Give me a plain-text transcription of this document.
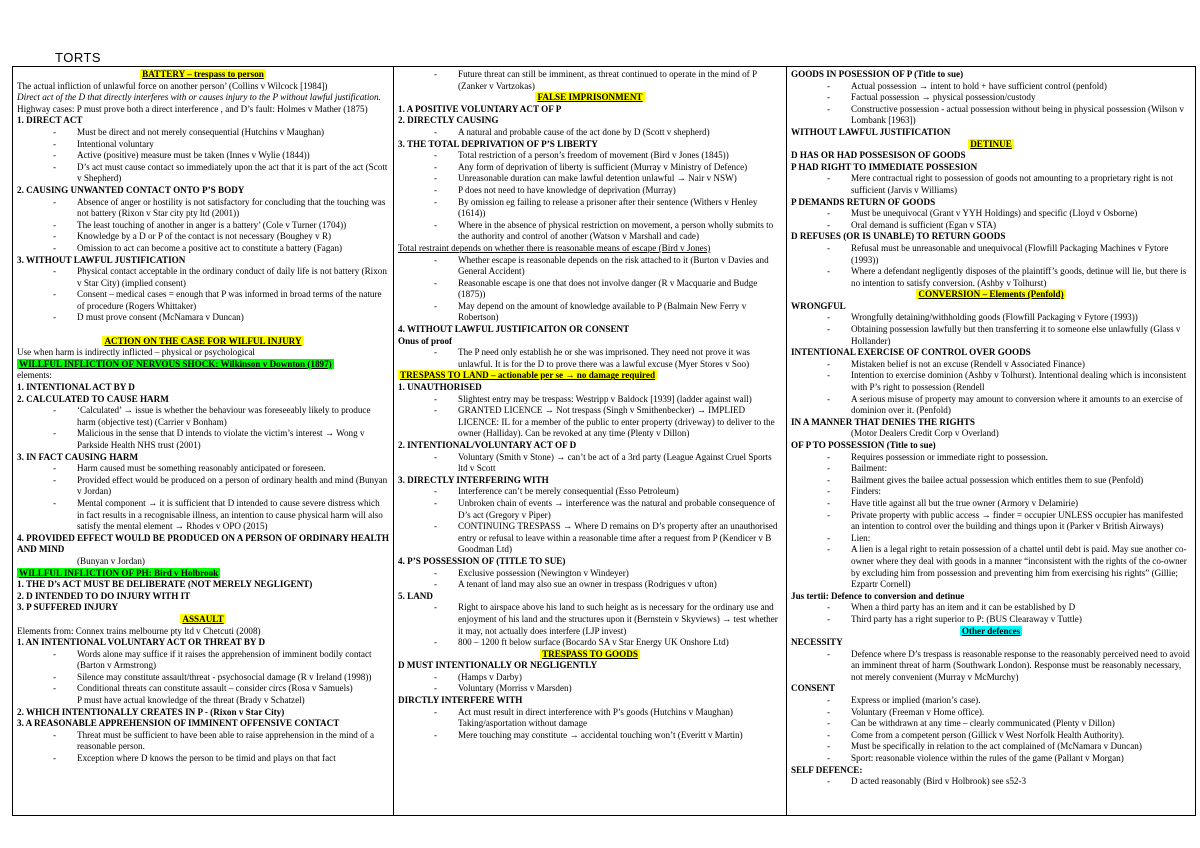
TORTS
BATTERY – trespass to person
The actual infliction of unlawful force on another person’ (Collins v Wilcock [1984])
Direct act of the D that directly interferes with or causes injury to the P without lawful justification.
Highway cases: P must prove both a direct interference , and D’s fault: Holmes v Mather (1875)
1. DIRECT ACT
- Must be direct and not merely consequential (Hutchins v Maughan)
- Intentional voluntary
- Active (positive) measure must be taken (Innes v Wylie (1844))
- D’s act must cause contact so immediately upon the act that it is part of the act (Scott v Shepherd)
2. CAUSING UNWANTED CONTACT ONTO P’S BODY
- Absence of anger or hostility is not satisfactory for concluding that the touching was not battery (Rixon v Star city pty ltd (2001))
- The least touching of another in anger is a battery’ (Cole v Turner (1704))
- Knowledge by a D or P of the contact is not necessary (Boughey v R)
- Omission to act can become a positive act to constitute a battery (Fagan)
3. WITHOUT LAWFUL JUSTIFICATION
- Physical contact acceptable in the ordinary conduct of daily life is not battery (Rixon v Star City) (implied consent)
- Consent – medical cases = enough that P was informed in broad terms of the nature of procedure (Rogers Whittaker)
- D must prove consent (McNamara v Duncan)
ACTION ON THE CASE FOR WILFUL INJURY
Use when harm is indirectly inflicted – physical or psychological
WILLFUL INFLICTION OF NERVOUS SHOCK: Wilkinson v Downton (1897)
elements:
1. INTENTIONAL ACT BY D
2. CALCULATED TO CAUSE HARM
- ‘Calculated’ → issue is whether the behaviour was foreseeably likely to produce harm (objective test) (Carrier v Bonham)
- Malicious in the sense that D intends to violate the victim’s interest → Wong v Parkside Health NHS trust (2001)
3. IN FACT CAUSING HARM
- Harm caused must be something reasonably anticipated or foreseen.
- Provided effect would be produced on a person of ordinary health and mind (Bunyan v Jordan)
- Mental component → it is sufficient that D intended to cause severe distress which in fact results in a recognisable illness, an intention to cause physical harm will also satisfy the mental element → Rhodes v OPO (2015)
4. PROVIDED EFFECT WOULD BE PRODUCED ON A PERSON OF ORDINARY HEALTH AND MIND
(Bunyan v Jordan)
WILLFUL INFLICTION OF PH: Bird v Holbrook
1. THE D’s ACT MUST BE DELIBERATE (NOT MERELY NEGLIGENT)
2. D INTENDED TO DO INJURY WITH IT
3. P SUFFERED INJURY
ASSAULT
Elements from: Connex trains melbourne pty ltd v Chetcuti (2008)
1. AN INTENTIONAL VOLUNTARY ACT OR THREAT BY D
- Words alone may suffice if it raises the apprehension of imminent bodily contact (Barton v Armstrong)
- Silence may constitute assault/threat - psychosocial damage (R v Ireland (1998))
- Conditional threats can constitute assault – consider circs (Rosa v Samuels)
P must have actual knowledge of the threat (Brady v Schatzel)
2. WHICH INTENTIONALLY CREATES IN P - (Rixon v Star City)
3. A REASONABLE APPREHENSION OF IMMINENT OFFENSIVE CONTACT
- Threat must be sufficient to have been able to raise apprehension in the mind of a reasonable person.
- Exception where D knows the person to be timid and plays on that fact
- Future threat can still be imminent, as threat continued to operate in the mind of P (Zanker v Vartzokas)
FALSE IMPRISONMENT
1. A POSITIVE VOLUNTARY ACT OF P
2. DIRECTLY CAUSING
- A natural and probable cause of the act done by D (Scott v shepherd)
3. THE TOTAL DEPRIVATION OF P’S LIBERTY
- Total restriction of a person’s freedom of movement (Bird v Jones (1845))
- Any form of deprivation of liberty is sufficient (Murray v Ministry of Defence)
- Unreasonable duration can make lawful detention unlawful → Nair v NSW)
- P does not need to have knowledge of deprivation (Murray)
- By omission eg failing to release a prisoner after their sentence (Withers v Henley (1614))
- Where in the absence of physical restriction on movement, a person wholly submits to the authority and control of another (Watson v Marshall and cade)
Total restraint depends on whether there is reasonable means of escape (Bird v Jones)
- Whether escape is reasonable depends on the risk attached to it (Burton v Davies and General Accident)
- Reasonable escape is one that does not involve danger (R v Macquarie and Budge (1875))
- May depend on the amount of knowledge available to P (Balmain New Ferry v Robertson)
4. WITHOUT LAWFUL JUSTIFICAITON OR CONSENT
Onus of proof
- The P need only establish he or she was imprisoned. They need not prove it was unlawful. It is for the D to prove there was a lawful excuse (Myer Stores v Soo)
TRESPASS TO LAND – actionable per se → no damage required
1. UNAUTHORISED
- Slightest entry may be trespass: Westripp v Baldock [1939] (ladder against wall)
- GRANTED LICENCE → Not trespass (Singh v Smithenbecker) → IMPLIED LICENCE: IL for a member of the public to enter property (driveway) to deliver to the owner (Halliday). Can be revoked at any time (Plenty v Dillon)
2. INTENTIONAL/VOLUNTARY ACT OF D
- Voluntary (Smith v Stone) → can’t be act of a 3rd party (League Against Cruel Sports ltd v Scott
3. DIRECTLY INTERFERING WITH
- Interference can’t be merely consequential (Esso Petroleum)
- Unbroken chain of events → interference was the natural and probable consequence of D’s act (Gregory v Piper)
- CONTINUING TRESPASS → Where D remains on D’s property after an unauthorised entry or refusal to leave within a reasonable time after a request from P (Kendicer v B Goodman Ltd)
4. P’S POSSESSION OF (TITLE TO SUE)
- Exclusive possession (Newington v Windeyer)
- A tenant of land may also sue an owner in trespass (Rodrigues v ufton)
5. LAND
- Right to airspace above his land to such height as is necessary for the ordinary use and enjoyment of his land and the structures upon it (Bernstein v Skyviews) → test whether it may, not actually does interfere (LJP invest)
- 800 – 1200 ft below surface (Bocardo SA v Star Energy UK Onshore Ltd)
TRESPASS TO GOODS
D MUST INTENTIONALLY OR NEGLIGENTLY
- (Hamps v Darby)
- Voluntary (Morriss v Marsden)
DIRCTLY INTERFERE WITH
- Act must result in direct interference with P’s goods (Hutchins v Maughan) Taking/asportation without damage
- Mere touching may constitute → accidental touching won’t (Everitt v Martin)
GOODS IN POSESSION OF P (Title to sue)
- Actual possession → intent to hold + have sufficient control (penfold)
- Factual possession → physical possession/custody
- Constructive possession - actual possession without being in physical possession (Wilson v Lombank [1963])
WITHOUT LAWFUL JUSTIFICATION
DETINUE
D HAS OR HAD POSSESISON OF GOODS
P HAD RIGHT TO IMMEDIATE POSSESION
- Mere contractual right to possession of goods not amounting to a proprietary right is not sufficient (Jarvis v Williams)
P DEMANDS RETURN OF GOODS
- Must be unequivocal (Grant v YYH Holdings) and specific (Lloyd v Osborne)
- Oral demand is sufficient (Egan v STA)
D REFUSES (OR IS UNABLE) TO RETURN GOODS
- Refusal must be unreasonable and unequivocal (Flowfill Packaging Machines v Fytore (1993))
- Where a defendant negligently disposes of the plaintiff’s goods, detinue will lie, but there is no intention to satisfy conversion. (Ashby v Tolhurst)
CONVERSION – Elements (Penfold)
WRONGFUL
- Wrongfully detaining/withholding goods (Flowfill Packaging v Fytore (1993))
- Obtaining possession lawfully but then transferring it to someone else unlawfully (Glass v Hollander)
INTENTIONAL EXERCISE OF CONTROL OVER GOODS
- Mistaken belief is not an excuse (Rendell v Associated Finance)
- Intention to exercise dominion (Ashby v Tolhurst). Intentional dealing which is inconsistent with P’s right to possession (Rendell
- A serious misuse of property may amount to conversion where it amounts to an exercise of dominion over it. (Penfold)
IN A MANNER THAT DENIES THE RIGHTS
(Motor Dealers Credit Corp v Overland)
OF P TO POSSESSION (Title to sue)
- Requires possession or immediate right to possession.
- Bailment:
- Bailment gives the bailee actual possession which entitles them to sue (Penfold)
- Finders:
- Have title against all but the true owner (Armory v Delamirie)
- Private property with public access → finder = occupier UNLESS occupier has manifested an intention to control over the building and things upon it (Parker v British Airways)
- Lien:
- A lien is a legal right to retain possession of a chattel until debt is paid. May sue another co-owner where they deal with goods in a manner “inconsistent with the rights of the co-owner by excluding him from possession and preventing him from exercising his rights” (Gillie; Ezpartr Cornell)
Jus tertii: Defence to conversion and detinue
- When a third party has an item and it can be established by D
- Third party has a right superior to P: (BUS Clearaway v Tuttle)
Other defences
NECESSITY
- Defence where D’s trespass is reasonable response to the reasonably perceived need to avoid an imminent threat of harm (Southwark London). Response must be reasonably necessary, not merely convenient (Murray v McMurchy)
CONSENT
- Express or implied (marion’s case).
- Voluntary (Freeman v Home office).
- Can be withdrawn at any time – clearly communicated (Plenty v Dillon)
- Come from a competent person (Gillick v West Norfolk Health Authority).
- Must be specifically in relation to the act complained of (McNamara v Duncan)
- Sport: reasonable violence within the rules of the game (Pallant v Morgan)
SELF DEFENCE:
- D acted reasonably (Bird v Holbrook) see s52-3
